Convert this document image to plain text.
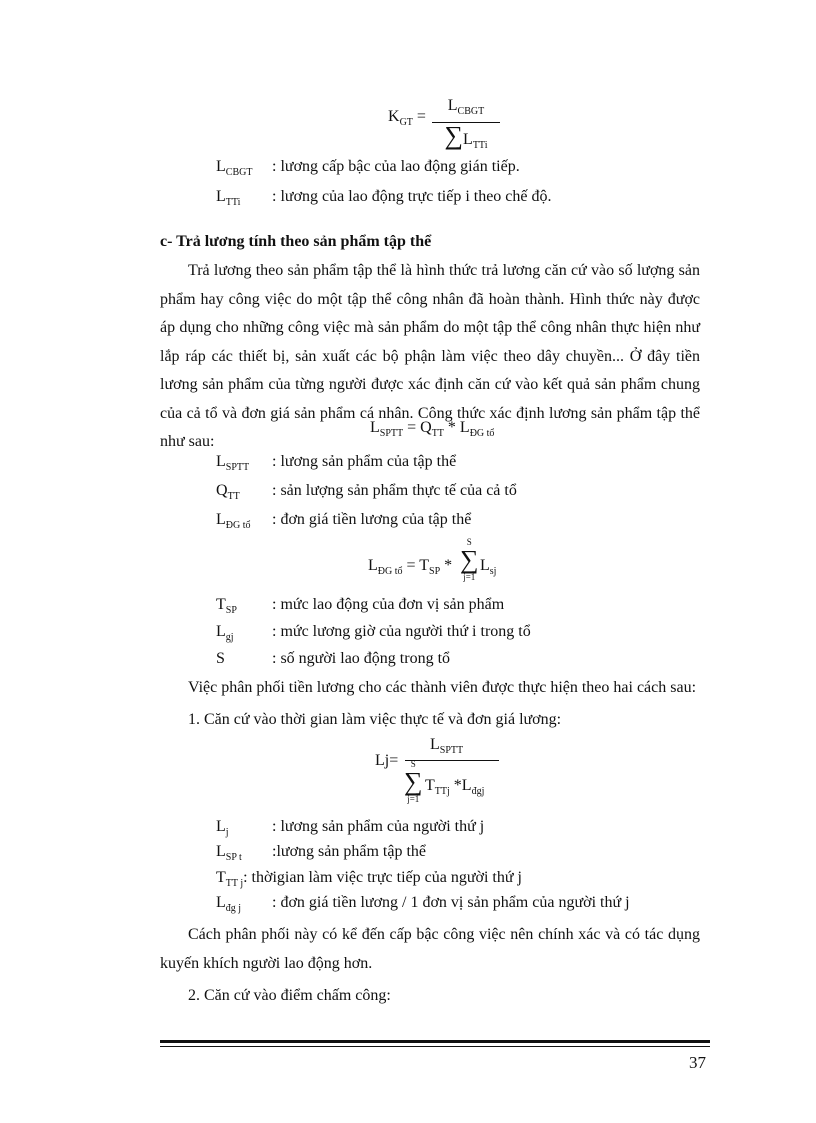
$K_{GT}$ =
$L_{CBGT}$
$\sum L_{TTi}$
$L_{CBGT}$ : lương cấp bậc của lao động gián tiếp.
$L_{TTi}$ : lương của lao động trực tiếp i theo chế độ.
c- Trả lương tính theo sản phẩm tập thể
Trả lương theo sản phẩm tập thể là hình thức trả lương căn cứ vào số lượng sản phẩm hay công việc do một tập thể công nhân đã hoàn thành. Hình thức này được áp dụng cho những công việc mà sản phẩm do một tập thể công nhân thực hiện như lắp ráp các thiết bị, sản xuất các bộ phận làm việc theo dây chuyền... Ở đây tiền lương sản phẩm của từng người được xác định căn cứ vào kết quả sản phẩm chung của cả tổ và đơn giá sản phẩm cá nhân. Công thức xác định lương sản phẩm tập thể như sau:
$L_{SPTT} = Q_{TT} * L_{ĐG tổ}$
$L_{SPTT}$ : lương sản phẩm của tập thể
$Q_{TT}$ : sản lượng sản phẩm thực tế của cả tổ
$L_{ĐG tổ}$ : đơn giá tiền lương của tập thể
$L_{ĐG tổ} = T_{SP}$ *
S
∑
j=1
$L_{sj}$
$T_{SP}$ : mức lao động của đơn vị sản phẩm
$L_{gj}$ : mức lương giờ của người thứ i trong tổ
S	: số người lao động trong tổ
Việc phân phối tiền lương cho các thành viên được thực hiện theo hai cách sau:
1. Căn cứ vào thời gian làm việc thực tế và đơn giá lương:
Lj=
$L_{SPTT}$
S
∑
j=1
$T_{TTj}$ $*L_{đgj}$
$L_j$	: lương sản phẩm của người thứ j
$L_{SP t}$ :lương sản phẩm tập thể
$T_{TT j}$: thờigian làm việc trực tiếp của người thứ j
$L_{đg j}$ : đơn giá tiền lương / 1 đơn vị sản phẩm của người thứ j
Cách phân phối này có kể đến cấp bậc công việc nên chính xác và có tác dụng kuyến khích người lao động hơn.
2. Căn cứ vào điểm chấm công:
37
